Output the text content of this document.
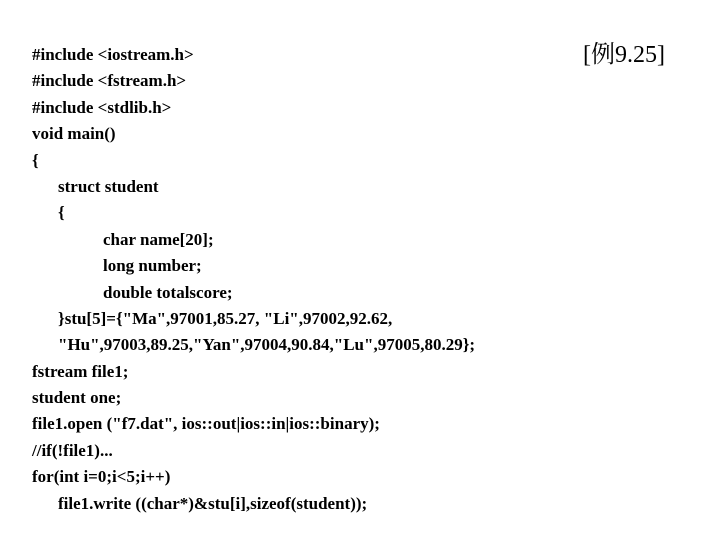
#include <iostream.h>
#include <fstream.h>
#include <stdlib.h>
void main()
{
struct student
{
char name[20];
long number;
double totalscore;
}stu[5]={"Ma",97001,85.27, "Li",97002,92.62,
"Hu",97003,89.25,"Yan",97004,90.84,"Lu",97005,80.29};
fstream file1;
student one;
file1.open ("f7.dat", ios::out|ios::in|ios::binary);
//if(!file1)...
for(int i=0;i<5;i++)
file1.write ((char*)&stu[i],sizeof(student));
[例9.25]
